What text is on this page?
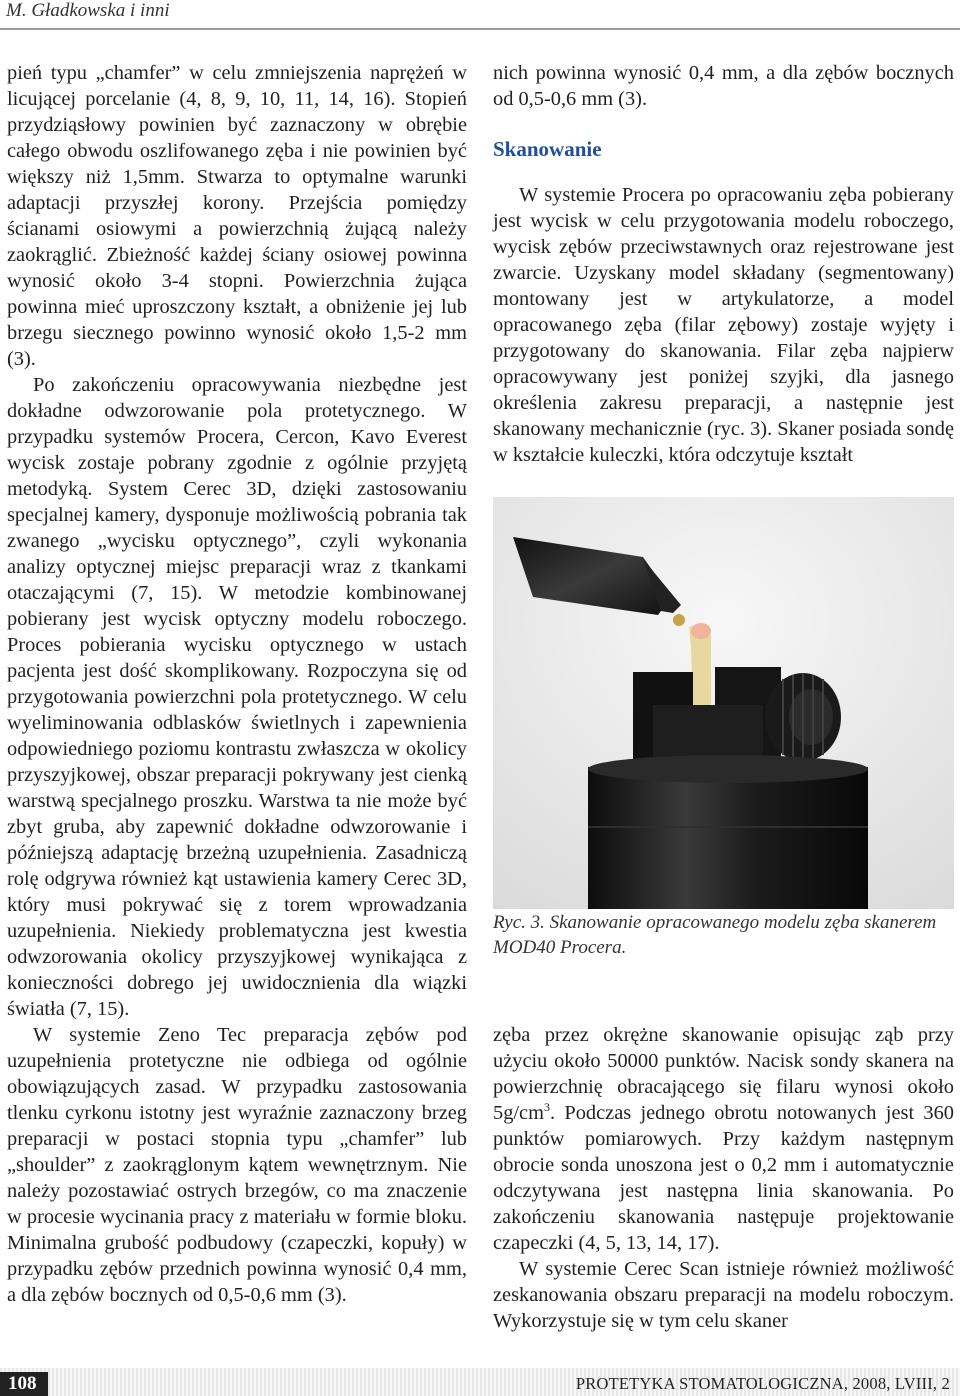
M. Gładkowska i inni

pień typu „chamfer” w celu zmniejszenia naprężeń w licującej porcelanie (4, 8, 9, 10, 11, 14, 16). Stopień przydziąsłowy powinien być zaznaczony w obrębie całego obwodu oszlifowanego zęba i nie powinien być większy niż 1,5mm. Stwarza to optymalne warunki adaptacji przyszłej korony. Przejścia pomiędzy ścianami osiowymi a powierzchnią żującą należy zaokrąglić. Zbieżność każdej ściany osiowej powinna wynosić około 3-4 stopni. Powierzchnia żująca powinna mieć uproszczony kształt, a obniżenie jej lub brzegu siecznego powinno wynosić około 1,5-2 mm (3).

Po zakończeniu opracowywania niezbędne jest dokładne odwzorowanie pola protetycznego. W przypadku systemów Procera, Cercon, Kavo Everest wycisk zostaje pobrany zgodnie z ogólnie przyjętą metodyką. System Cerec 3D, dzięki zastosowaniu specjalnej kamery, dysponuje możliwością pobrania tak zwanego „wycisku optycznego”, czyli wykonania analizy optycznej miejsc preparacji wraz z tkankami otaczającymi (7, 15). W metodzie kombinowanej pobierany jest wycisk optyczny modelu roboczego. Proces pobierania wycisku optycznego w ustach pacjenta jest dość skomplikowany. Rozpoczyna się od przygotowania powierzchni pola protetycznego. W celu wyeliminowania odblasków świetlnych i zapewnienia odpowiedniego poziomu kontrastu zwłaszcza w okolicy przyszyjkowej, obszar preparacji pokrywany jest cienką warstwą specjalnego proszku. Warstwa ta nie może być zbyt gruba, aby zapewnić dokładne odwzorowanie i późniejszą adaptację brzeżną uzupełnienia. Zasadniczą rolę odgrywa również kąt ustawienia kamery Cerec 3D, który musi pokrywać się z torem wprowadzania uzupełnienia. Niekiedy problematyczna jest kwestia odwzorowania okolicy przyszyjkowej wynikająca z konieczności dobrego jej uwidocznienia dla wiązki światła (7, 15).

W systemie Zeno Tec preparacja zębów pod uzupełnienia protetyczne nie odbiega od ogólnie obowiązujących zasad. W przypadku zastosowania tlenku cyrkonu istotny jest wyraźnie zaznaczony brzeg preparacji w postaci stopnia typu „chamfer” lub „shoulder” z zaokrąglonym kątem wewnętrznym. Nie należy pozostawiać ostrych brzegów, co ma znaczenie w procesie wycinania pracy z materiału w formie bloku. Minimalna grubość podbudowy (czapeczki, kopuły) w przypadku zębów przednich powinna wynosić 0,4 mm, a dla zębów bocznych od 0,5-0,6 mm (3).

nich powinna wynosić 0,4 mm, a dla zębów bocznych od 0,5-0,6 mm (3).

Skanowanie

W systemie Procera po opracowaniu zęba pobierany jest wycisk w celu przygotowania modelu roboczego, wycisk zębów przeciwstawnych oraz rejestrowane jest zwarcie. Uzyskany model składany (segmentowany) montowany jest w artykulatorze, a model opracowanego zęba (filar zębowy) zostaje wyjęty i przygotowany do skanowania. Filar zęba najpierw opracowywany jest poniżej szyjki, dla jasnego określenia zakresu preparacji, a następnie jest skanowany mechanicznie (ryc. 3). Skaner posiada sondę w kształcie kuleczki, która odczytuje kształt

Ryc. 3. Skanowanie opracowanego modelu zęba skanerem MOD40 Procera.

zęba przez okrężne skanowanie opisując ząb przy użyciu około 50000 punktów. Nacisk sondy skanera na powierzchnię obracającego się filaru wynosi około $5g/cm^3$. Podczas jednego obrotu notowanych jest 360 punktów pomiarowych. Przy każdym następnym obrocie sonda unoszona jest o 0,2 mm i automatycznie odczytywana jest następna linia skanowania. Po zakończeniu skanowania następuje projektowanie czapeczki (4, 5, 13, 14, 17).

W systemie Cerec Scan istnieje również możliwość zeskanowania obszaru preparacji na modelu roboczym. Wykorzystuje się w tym celu skaner

108	PROTETYKA STOMATOLOGICZNA, 2008, LVIII, 2
